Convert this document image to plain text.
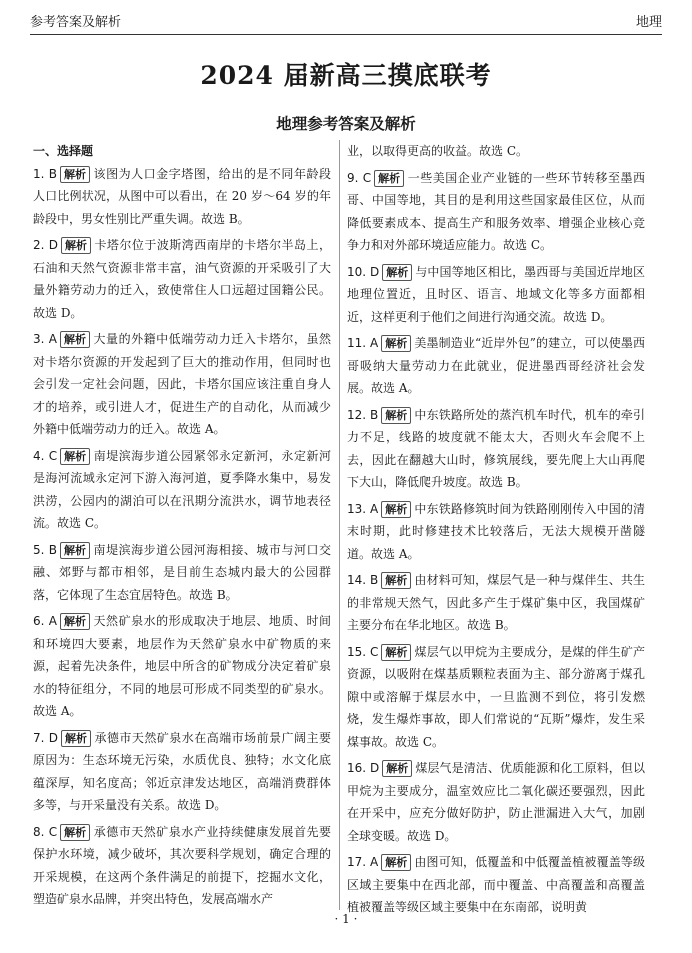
参考答案及解析	地理
2024 届新高三摸底联考
地理参考答案及解析

一、选择题

1. B 解析 该图为人口金字塔图，给出的是不同年龄段人口比例状况，从图中可以看出，在 20 岁～64 岁的年龄段中，男女性别比严重失调。故选 B。

2. D 解析 卡塔尔位于波斯湾西南岸的卡塔尔半岛上，石油和天然气资源非常丰富，油气资源的开采吸引了大量外籍劳动力的迁入，致使常住人口远超过国籍公民。故选 D。

3. A 解析 大量的外籍中低端劳动力迁入卡塔尔，虽然对卡塔尔资源的开发起到了巨大的推动作用，但同时也会引发一定社会问题，因此，卡塔尔国应该注重自身人才的培养，或引进人才，促进生产的自动化，从而减少外籍中低端劳动力的迁入。故选 A。

4. C 解析 南堤滨海步道公园紧邻永定新河，永定新河是海河流域永定河下游入海河道，夏季降水集中，易发洪涝，公园内的湖泊可以在汛期分流洪水，调节地表径流。故选 C。

5. B 解析 南堤滨海步道公园河海相接、城市与河口交融、郊野与都市相邻，是目前生态城内最大的公园群落，它体现了生态宜居特色。故选 B。

6. A 解析 天然矿泉水的形成取决于地层、地质、时间和环境四大要素，地层作为天然矿泉水中矿物质的来源，起着先决条件，地层中所含的矿物成分决定着矿泉水的特征组分，不同的地层可形成不同类型的矿泉水。故选 A。

7. D 解析 承德市天然矿泉水在高端市场前景广阔主要原因为：生态环境无污染，水质优良、独特；水文化底蕴深厚，知名度高；邻近京津发达地区，高端消费群体多等，与开采量没有关系。故选 D。

8. C 解析 承德市天然矿泉水产业持续健康发展首先要保护水环境，减少破坏，其次要科学规划，确定合理的开采规模，在这两个条件满足的前提下，挖掘水文化，塑造矿泉水品牌，并突出特色，发展高端水产

业，以取得更高的收益。故选 C。

9. C 解析 一些美国企业产业链的一些环节转移至墨西哥、中国等地，其目的是利用这些国家最佳区位，从而降低要素成本、提高生产和服务效率、增强企业核心竞争力和对外部环境适应能力。故选 C。

10. D 解析 与中国等地区相比，墨西哥与美国近岸地区地理位置近，且时区、语言、地域文化等多方面都相近，这样更利于他们之间进行沟通交流。故选 D。

11. A 解析 美墨制造业“近岸外包”的建立，可以使墨西哥吸纳大量劳动力在此就业，促进墨西哥经济社会发展。故选 A。

12. B 解析 中东铁路所处的蒸汽机车时代，机车的牵引力不足，线路的坡度就不能太大，否则火车会爬不上去，因此在翻越大山时，修筑展线，要先爬上大山再爬下大山，降低爬升坡度。故选 B。

13. A 解析 中东铁路修筑时间为铁路刚刚传入中国的清末时期，此时修建技术比较落后，无法大规模开凿隧道。故选 A。

14. B 解析 由材料可知，煤层气是一种与煤伴生、共生的非常规天然气，因此多产生于煤矿集中区，我国煤矿主要分布在华北地区。故选 B。

15. C 解析 煤层气以甲烷为主要成分，是煤的伴生矿产资源，以吸附在煤基质颗粒表面为主、部分游离于煤孔隙中或溶解于煤层水中，一旦监测不到位，将引发燃烧，发生爆炸事故，即人们常说的“瓦斯”爆炸，发生采煤事故。故选 C。

16. D 解析 煤层气是清洁、优质能源和化工原料，但以甲烷为主要成分，温室效应比二氧化碳还要强烈，因此在开采中，应充分做好防护，防止泄漏进入大气，加剧全球变暖。故选 D。

17. A 解析 由图可知，低覆盖和中低覆盖植被覆盖等级区域主要集中在西北部，而中覆盖、中高覆盖和高覆盖植被覆盖等级区域主要集中在东南部，说明黄

· 1 ·
